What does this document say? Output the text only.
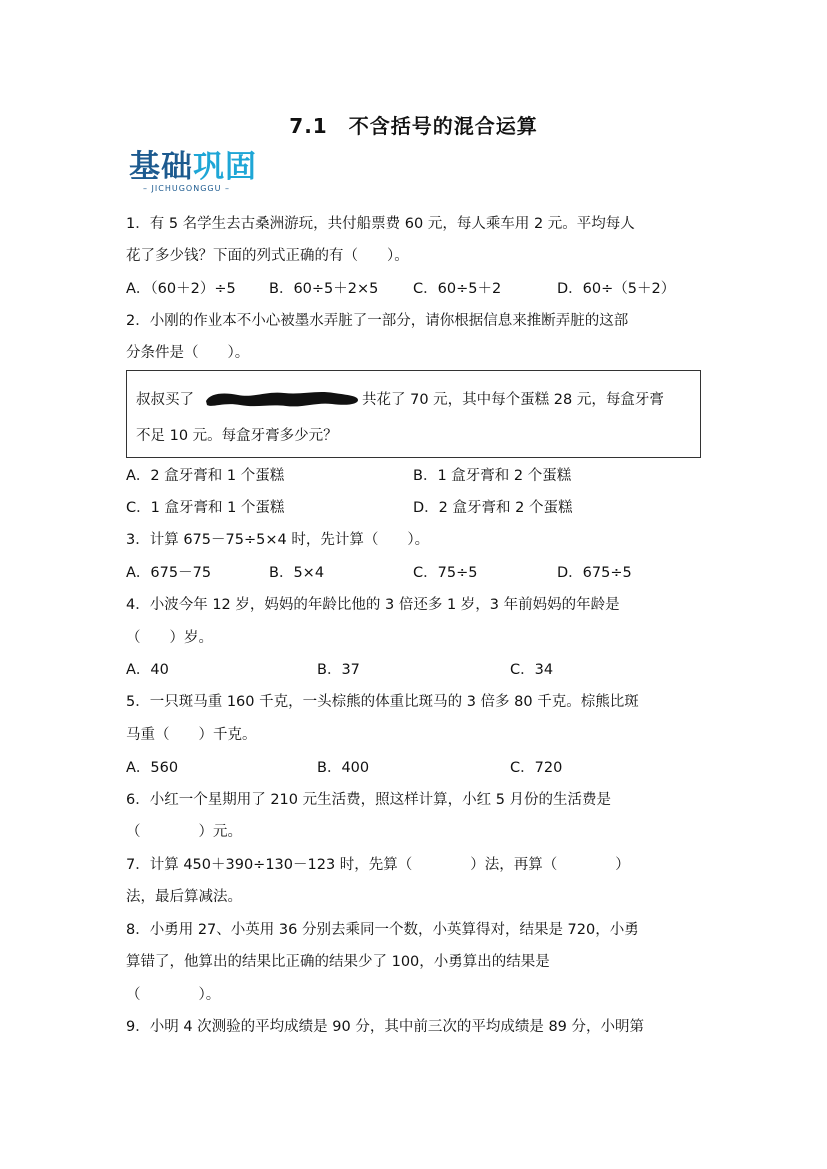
7.1　不含括号的混合运算
基础巩固
– JICHUGONGGU –
1．有 5 名学生去古桑洲游玩，共付船票费 60 元，每人乘车用 2 元。平均每人
花了多少钱？下面的列式正确的有（　　）。
A．（60＋2）÷5 B．60÷5＋2×5 C．60÷5＋2	D．60÷（5＋2）
2．小刚的作业本不小心被墨水弄脏了一部分，请你根据信息来推断弄脏的这部
分条件是（　　）。
叔叔买了	共花了 70 元，其中每个蛋糕 28 元，每盒牙膏
不足 10 元。每盒牙膏多少元？
A．2 盒牙膏和 1 个蛋糕	B．1 盒牙膏和 2 个蛋糕
C．1 盒牙膏和 1 个蛋糕	D．2 盒牙膏和 2 个蛋糕
3．计算 675－75÷5×4 时，先计算（　　）。
A．675－75	B．5×4	C．75÷5	D．675÷5
4．小波今年 12 岁，妈妈的年龄比他的 3 倍还多 1 岁，3 年前妈妈的年龄是
（　　）岁。
A．40	B．37	C．34
5．一只斑马重 160 千克，一头棕熊的体重比斑马的 3 倍多 80 千克。棕熊比斑
马重（　　）千克。
A．560	B．400	C．720
6．小红一个星期用了 210 元生活费，照这样计算，小红 5 月份的生活费是
（　　　　）元。
7．计算 450＋390÷130－123 时，先算（　　　　）法，再算（　　　　）
法，最后算减法。
8．小勇用 27、小英用 36 分别去乘同一个数，小英算得对，结果是 720，小勇
算错了，他算出的结果比正确的结果少了 100，小勇算出的结果是
（　　　　）。
9．小明 4 次测验的平均成绩是 90 分，其中前三次的平均成绩是 89 分，小明第
